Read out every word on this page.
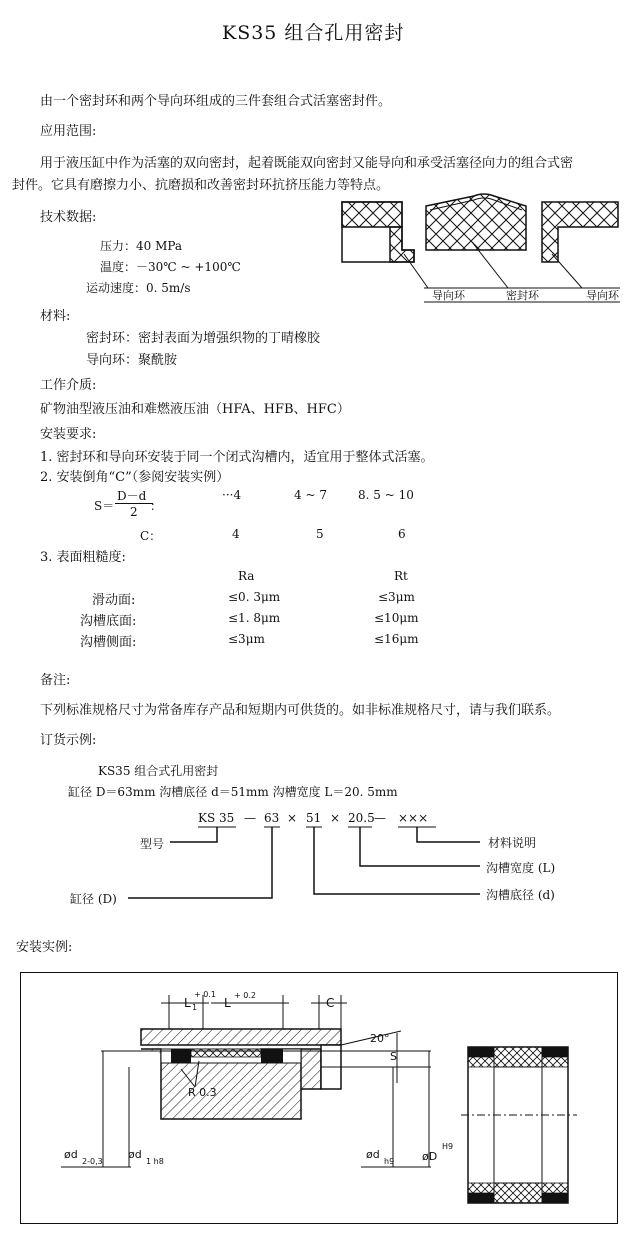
KS35 组合孔用密封
由一个密封环和两个导向环组成的三件套组合式活塞密封件。
应用范围:
用于液压缸中作为活塞的双向密封，起着既能双向密封又能导向和承受活塞径向力的组合式密
封件。它具有磨擦力小、抗磨损和改善密封环抗挤压能力等特点。
技术数据:
压力：40 MPa
温度：－30℃ ~ +100℃
运动速度：0. 5m/s
导向环	密封环	导向环
材料:
密封环：密封表面为增强织物的丁晴橡胶
导向环：聚酰胺
工作介质:
矿物油型液压油和难燃液压油（HFA、HFB、HFC）
安装要求:
1. 密封环和导向环安装于同一个闭式沟槽内，适宜用于整体式活塞。
2. 安装倒角“C”（参阅安装实例）
S＝
D－d
2 ：
···4	4 ~ 7	8. 5 ~ 10
C：	4	5	6
3. 表面粗糙度:
Ra	Rt
滑动面:	≤0. 3μm	≤3μm
沟槽底面:	≤1. 8μm	≤10μm
沟槽侧面:	≤3μm	≤16μm
备注:
下列标准规格尺寸为常备库存产品和短期内可供货的。如非标准规格尺寸，请与我们联系。
订货示例:
KS35 组合式孔用密封
缸径 D＝63mm 沟槽底径 d＝51mm 沟槽宽度 L＝20. 5mm
KS 35 — 63 × 51 × 20.5 — ×××
型号	材料说明
沟槽宽度 (L)
缸径 (D)	沟槽底径 (d)
安装实例:
L 1
+ 0.1
L
+ 0.2
C
20°
S
R 0.3
ød
2-0,3
ød
1 h8
ød
h9	øD
H9
